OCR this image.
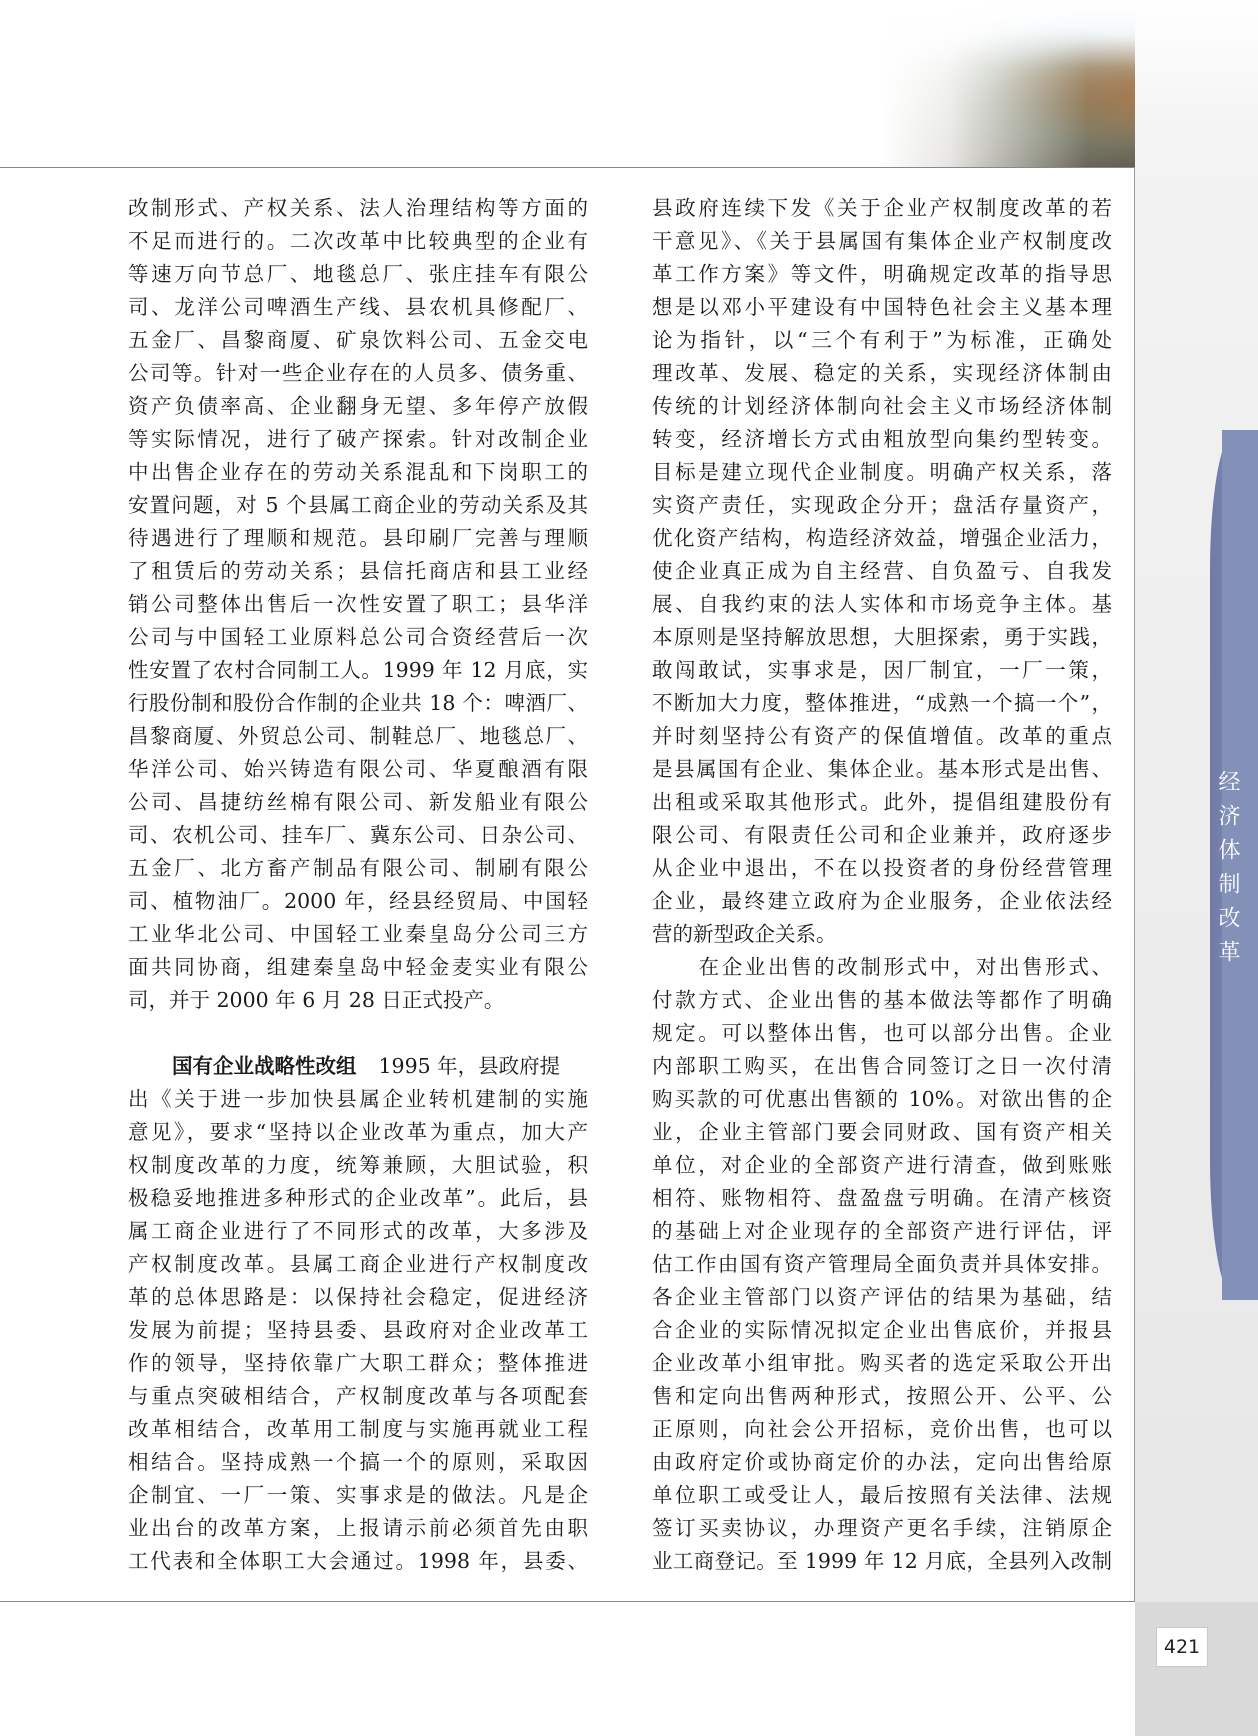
经济体制改革
421
改制形式、产权关系、法人治理结构等方面的
不足而进行的。二次改革中比较典型的企业有
等速万向节总厂、地毯总厂、张庄挂车有限公
司、龙洋公司啤酒生产线、县农机具修配厂、
五金厂、昌黎商厦、矿泉饮料公司、五金交电
公司等。针对一些企业存在的人员多、债务重、
资产负债率高、企业翻身无望、多年停产放假
等实际情况，进行了破产探索。针对改制企业
中出售企业存在的劳动关系混乱和下岗职工的
安置问题，对 5 个县属工商企业的劳动关系及其
待遇进行了理顺和规范。县印刷厂完善与理顺
了租赁后的劳动关系；县信托商店和县工业经
销公司整体出售后一次性安置了职工；县华洋
公司与中国轻工业原料总公司合资经营后一次
性安置了农村合同制工人。1999 年 12 月底，实
行股份制和股份合作制的企业共 18 个：啤酒厂、
昌黎商厦、外贸总公司、制鞋总厂、地毯总厂、
华洋公司、始兴铸造有限公司、华夏酿酒有限
公司、昌捷纺丝棉有限公司、新发船业有限公
司、农机公司、挂车厂、冀东公司、日杂公司、
五金厂、北方畜产制品有限公司、制刷有限公
司、植物油厂。2000 年，经县经贸局、中国轻
工业华北公司、中国轻工业秦皇岛分公司三方
面共同协商，组建秦皇岛中轻金麦实业有限公
司，并于 2000 年 6 月 28 日正式投产。
国有企业战略性改组 1995 年，县政府提
出《关于进一步加快县属企业转机建制的实施
意见》，要求“坚持以企业改革为重点，加大产
权制度改革的力度，统筹兼顾，大胆试验，积
极稳妥地推进多种形式的企业改革”。此后，县
属工商企业进行了不同形式的改革，大多涉及
产权制度改革。县属工商企业进行产权制度改
革的总体思路是：以保持社会稳定，促进经济
发展为前提；坚持县委、县政府对企业改革工
作的领导，坚持依靠广大职工群众；整体推进
与重点突破相结合，产权制度改革与各项配套
改革相结合，改革用工制度与实施再就业工程
相结合。坚持成熟一个搞一个的原则，采取因
企制宜、一厂一策、实事求是的做法。凡是企
业出台的改革方案，上报请示前必须首先由职
工代表和全体职工大会通过。1998 年，县委、
县政府连续下发《关于企业产权制度改革的若
干意见》、《关于县属国有集体企业产权制度改
革工作方案》等文件，明确规定改革的指导思
想是以邓小平建设有中国特色社会主义基本理
论为指针，以“三个有利于”为标准，正确处
理改革、发展、稳定的关系，实现经济体制由
传统的计划经济体制向社会主义市场经济体制
转变，经济增长方式由粗放型向集约型转变。
目标是建立现代企业制度。明确产权关系，落
实资产责任，实现政企分开；盘活存量资产，
优化资产结构，构造经济效益，增强企业活力，
使企业真正成为自主经营、自负盈亏、自我发
展、自我约束的法人实体和市场竞争主体。基
本原则是坚持解放思想，大胆探索，勇于实践，
敢闯敢试，实事求是，因厂制宜，一厂一策，
不断加大力度，整体推进，“成熟一个搞一个”，
并时刻坚持公有资产的保值增值。改革的重点
是县属国有企业、集体企业。基本形式是出售、
出租或采取其他形式。此外，提倡组建股份有
限公司、有限责任公司和企业兼并，政府逐步
从企业中退出，不在以投资者的身份经营管理
企业，最终建立政府为企业服务，企业依法经
营的新型政企关系。
在企业出售的改制形式中，对出售形式、
付款方式、企业出售的基本做法等都作了明确
规定。可以整体出售，也可以部分出售。企业
内部职工购买，在出售合同签订之日一次付清
购买款的可优惠出售额的 10%。对欲出售的企
业，企业主管部门要会同财政、国有资产相关
单位，对企业的全部资产进行清查，做到账账
相符、账物相符、盘盈盘亏明确。在清产核资
的基础上对企业现存的全部资产进行评估，评
估工作由国有资产管理局全面负责并具体安排。
各企业主管部门以资产评估的结果为基础，结
合企业的实际情况拟定企业出售底价，并报县
企业改革小组审批。购买者的选定采取公开出
售和定向出售两种形式，按照公开、公平、公
正原则，向社会公开招标，竞价出售，也可以
由政府定价或协商定价的办法，定向出售给原
单位职工或受让人，最后按照有关法律、法规
签订买卖协议，办理资产更名手续，注销原企
业工商登记。至 1999 年 12 月底，全县列入改制
